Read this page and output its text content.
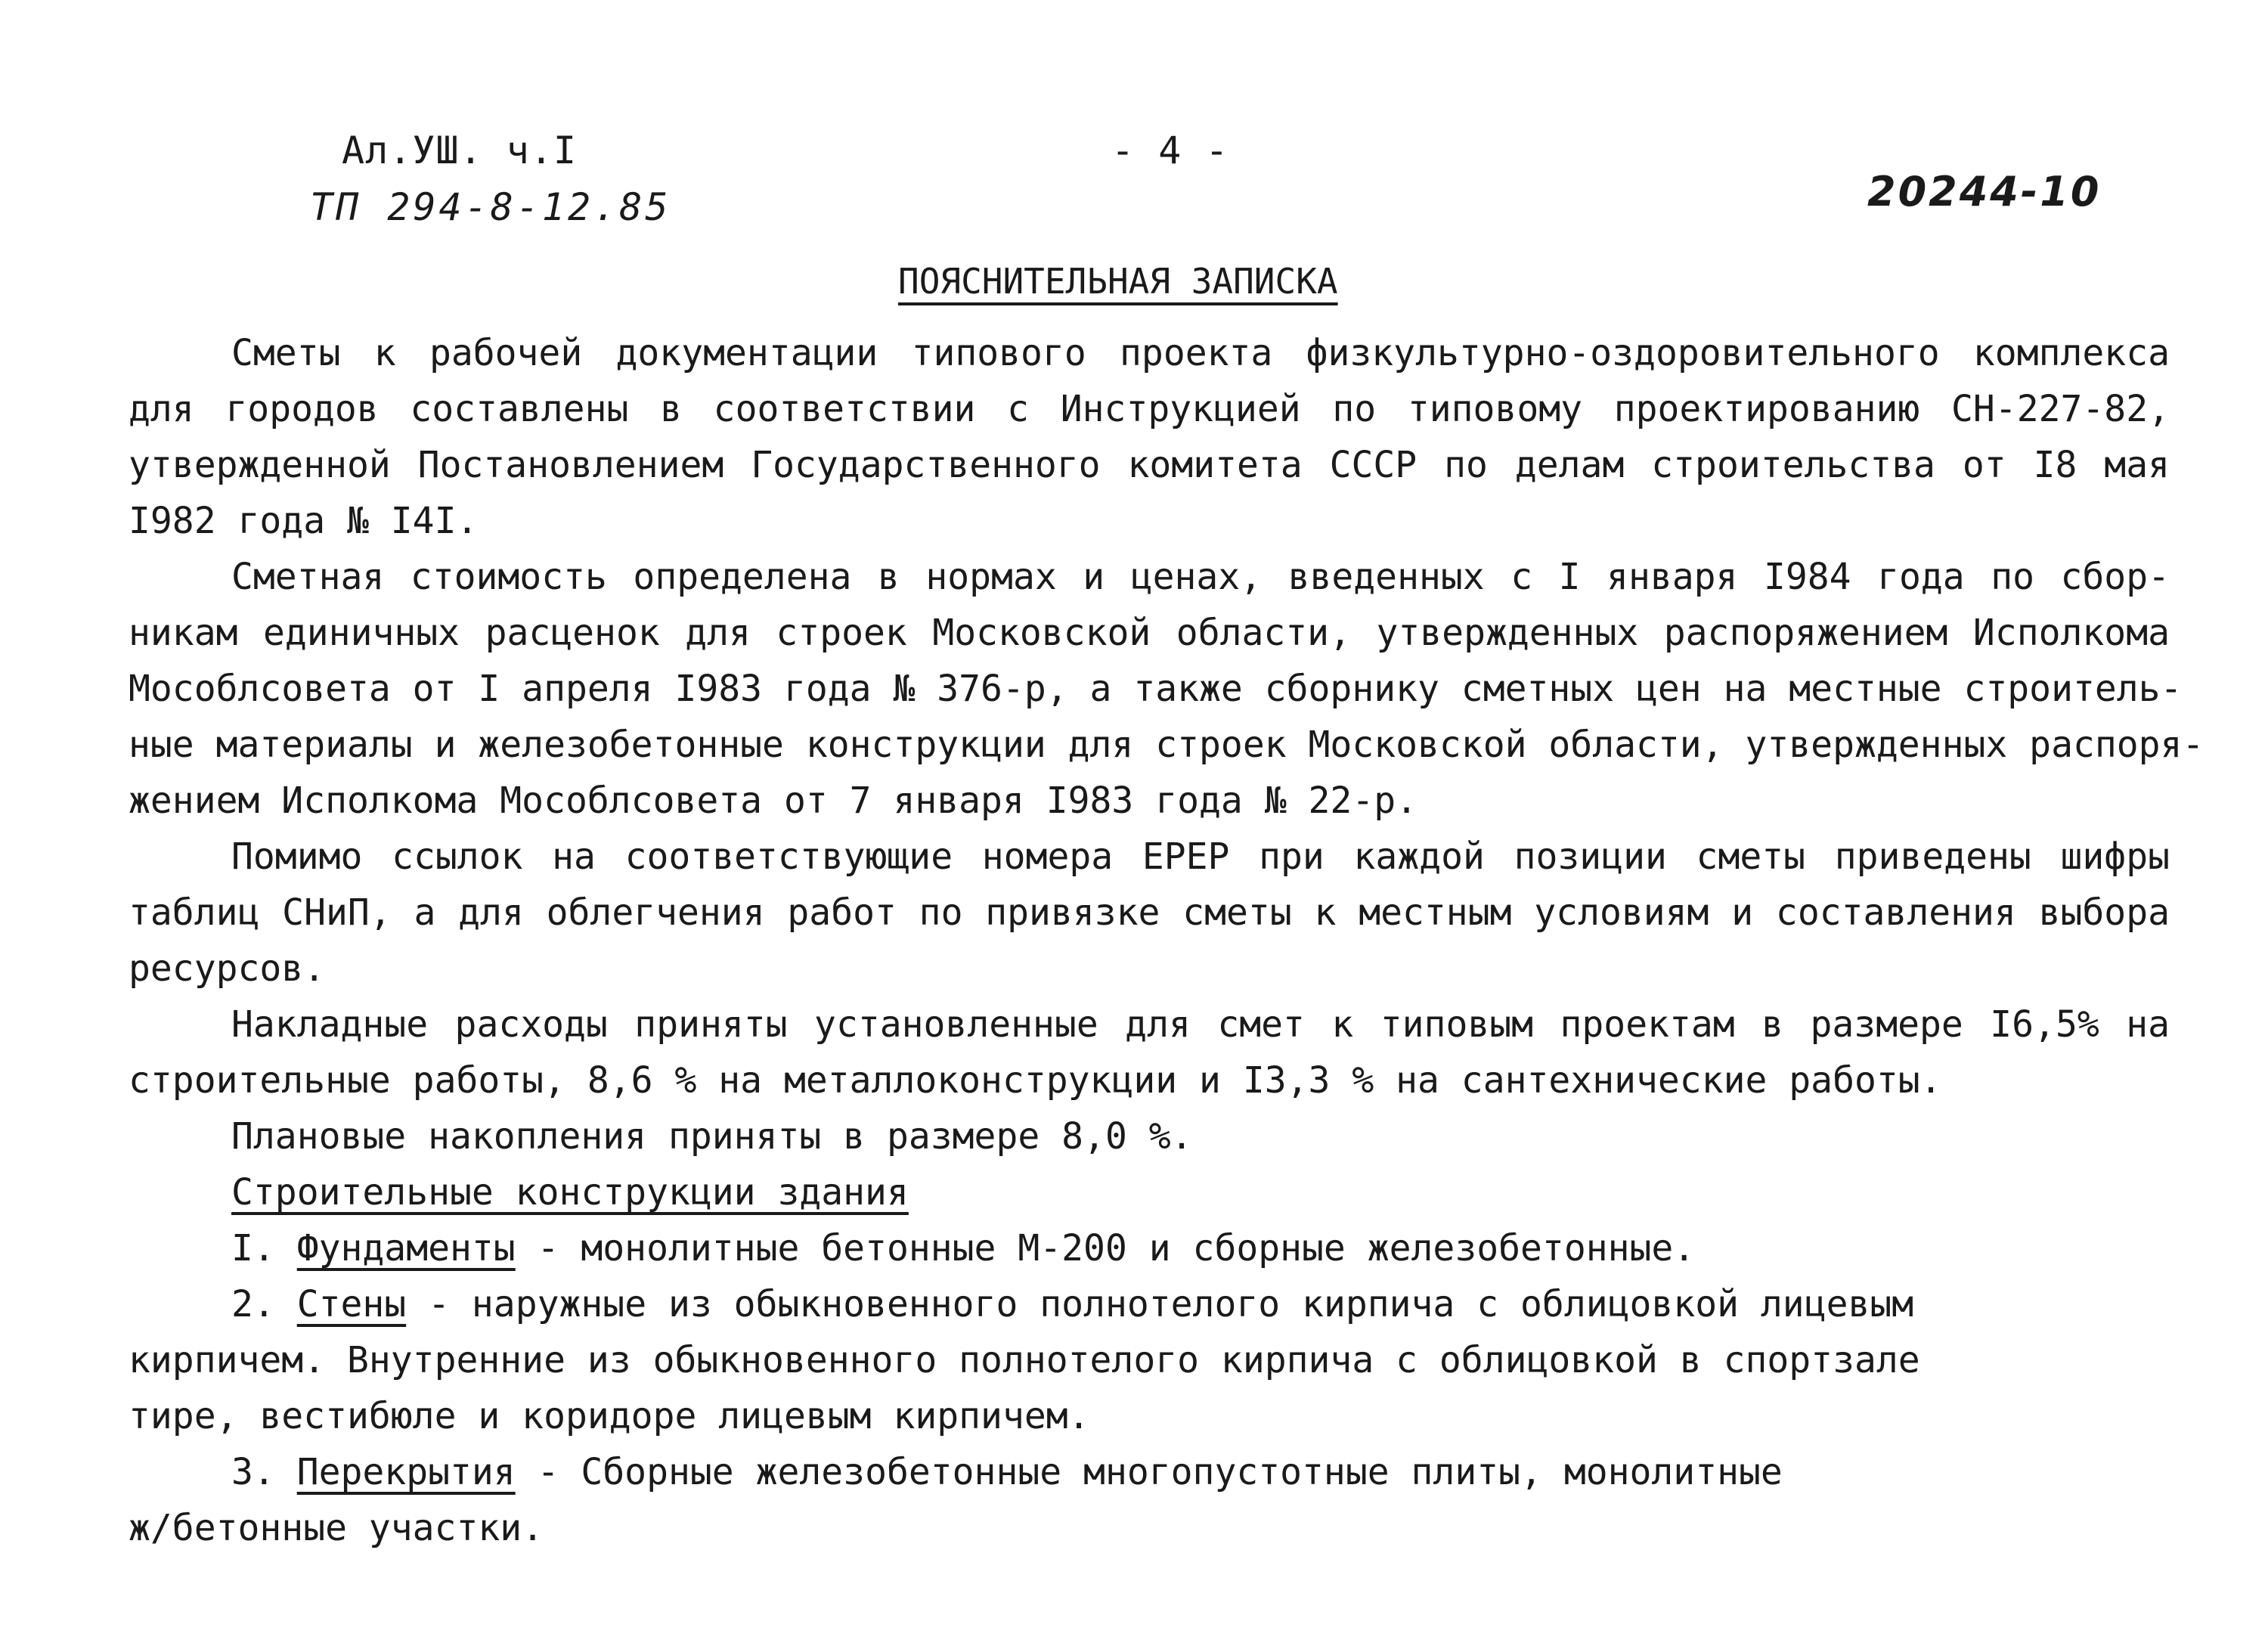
Ал.УШ. ч.I
ТП 294-8-12.85
- 4 -
20244-10
ПОЯСНИТЕЛЬНАЯ ЗАПИСКА
Сметы к рабочей документации типового проекта физкультурно-оздоровительного комплекса
для городов составлены в соответствии с Инструкцией по типовому проектированию СН-227-82,
утвержденной Постановлением Государственного комитета СССР по делам строительства от I8 мая
I982 года № I4I.
Сметная стоимость определена в нормах и ценах, введенных с I января I984 года по сбор-
никам единичных расценок для строек Московской области, утвержденных распоряжением Исполкома
Мособлсовета от I апреля I983 года № 376-р, а также сборнику сметных цен на местные строитель-
ные материалы и железобетонные конструкции для строек Московской области, утвержденных распоря-
жением Исполкома Мособлсовета от 7 января I983 года № 22-р.
Помимо ссылок на соответствующие номера ЕРЕР при каждой позиции сметы приведены шифры
таблиц СНиП, а для облегчения работ по привязке сметы к местным условиям и составления выбора
ресурсов.
Накладные расходы приняты установленные для смет к типовым проектам в размере I6,5% на
строительные работы, 8,6 % на металлоконструкции и I3,3 % на сантехнические работы.
Плановые накопления приняты в размере 8,0 %.
Строительные конструкции здания
I. Фундаменты - монолитные бетонные М-200 и сборные железобетонные.
2. Стены - наружные из обыкновенного полнотелого кирпича с облицовкой лицевым
кирпичем. Внутренние из обыкновенного полнотелого кирпича с облицовкой в спортзале
тире, вестибюле и коридоре лицевым кирпичем.
3. Перекрытия - Сборные железобетонные многопустотные плиты, монолитные
ж/бетонные участки.
